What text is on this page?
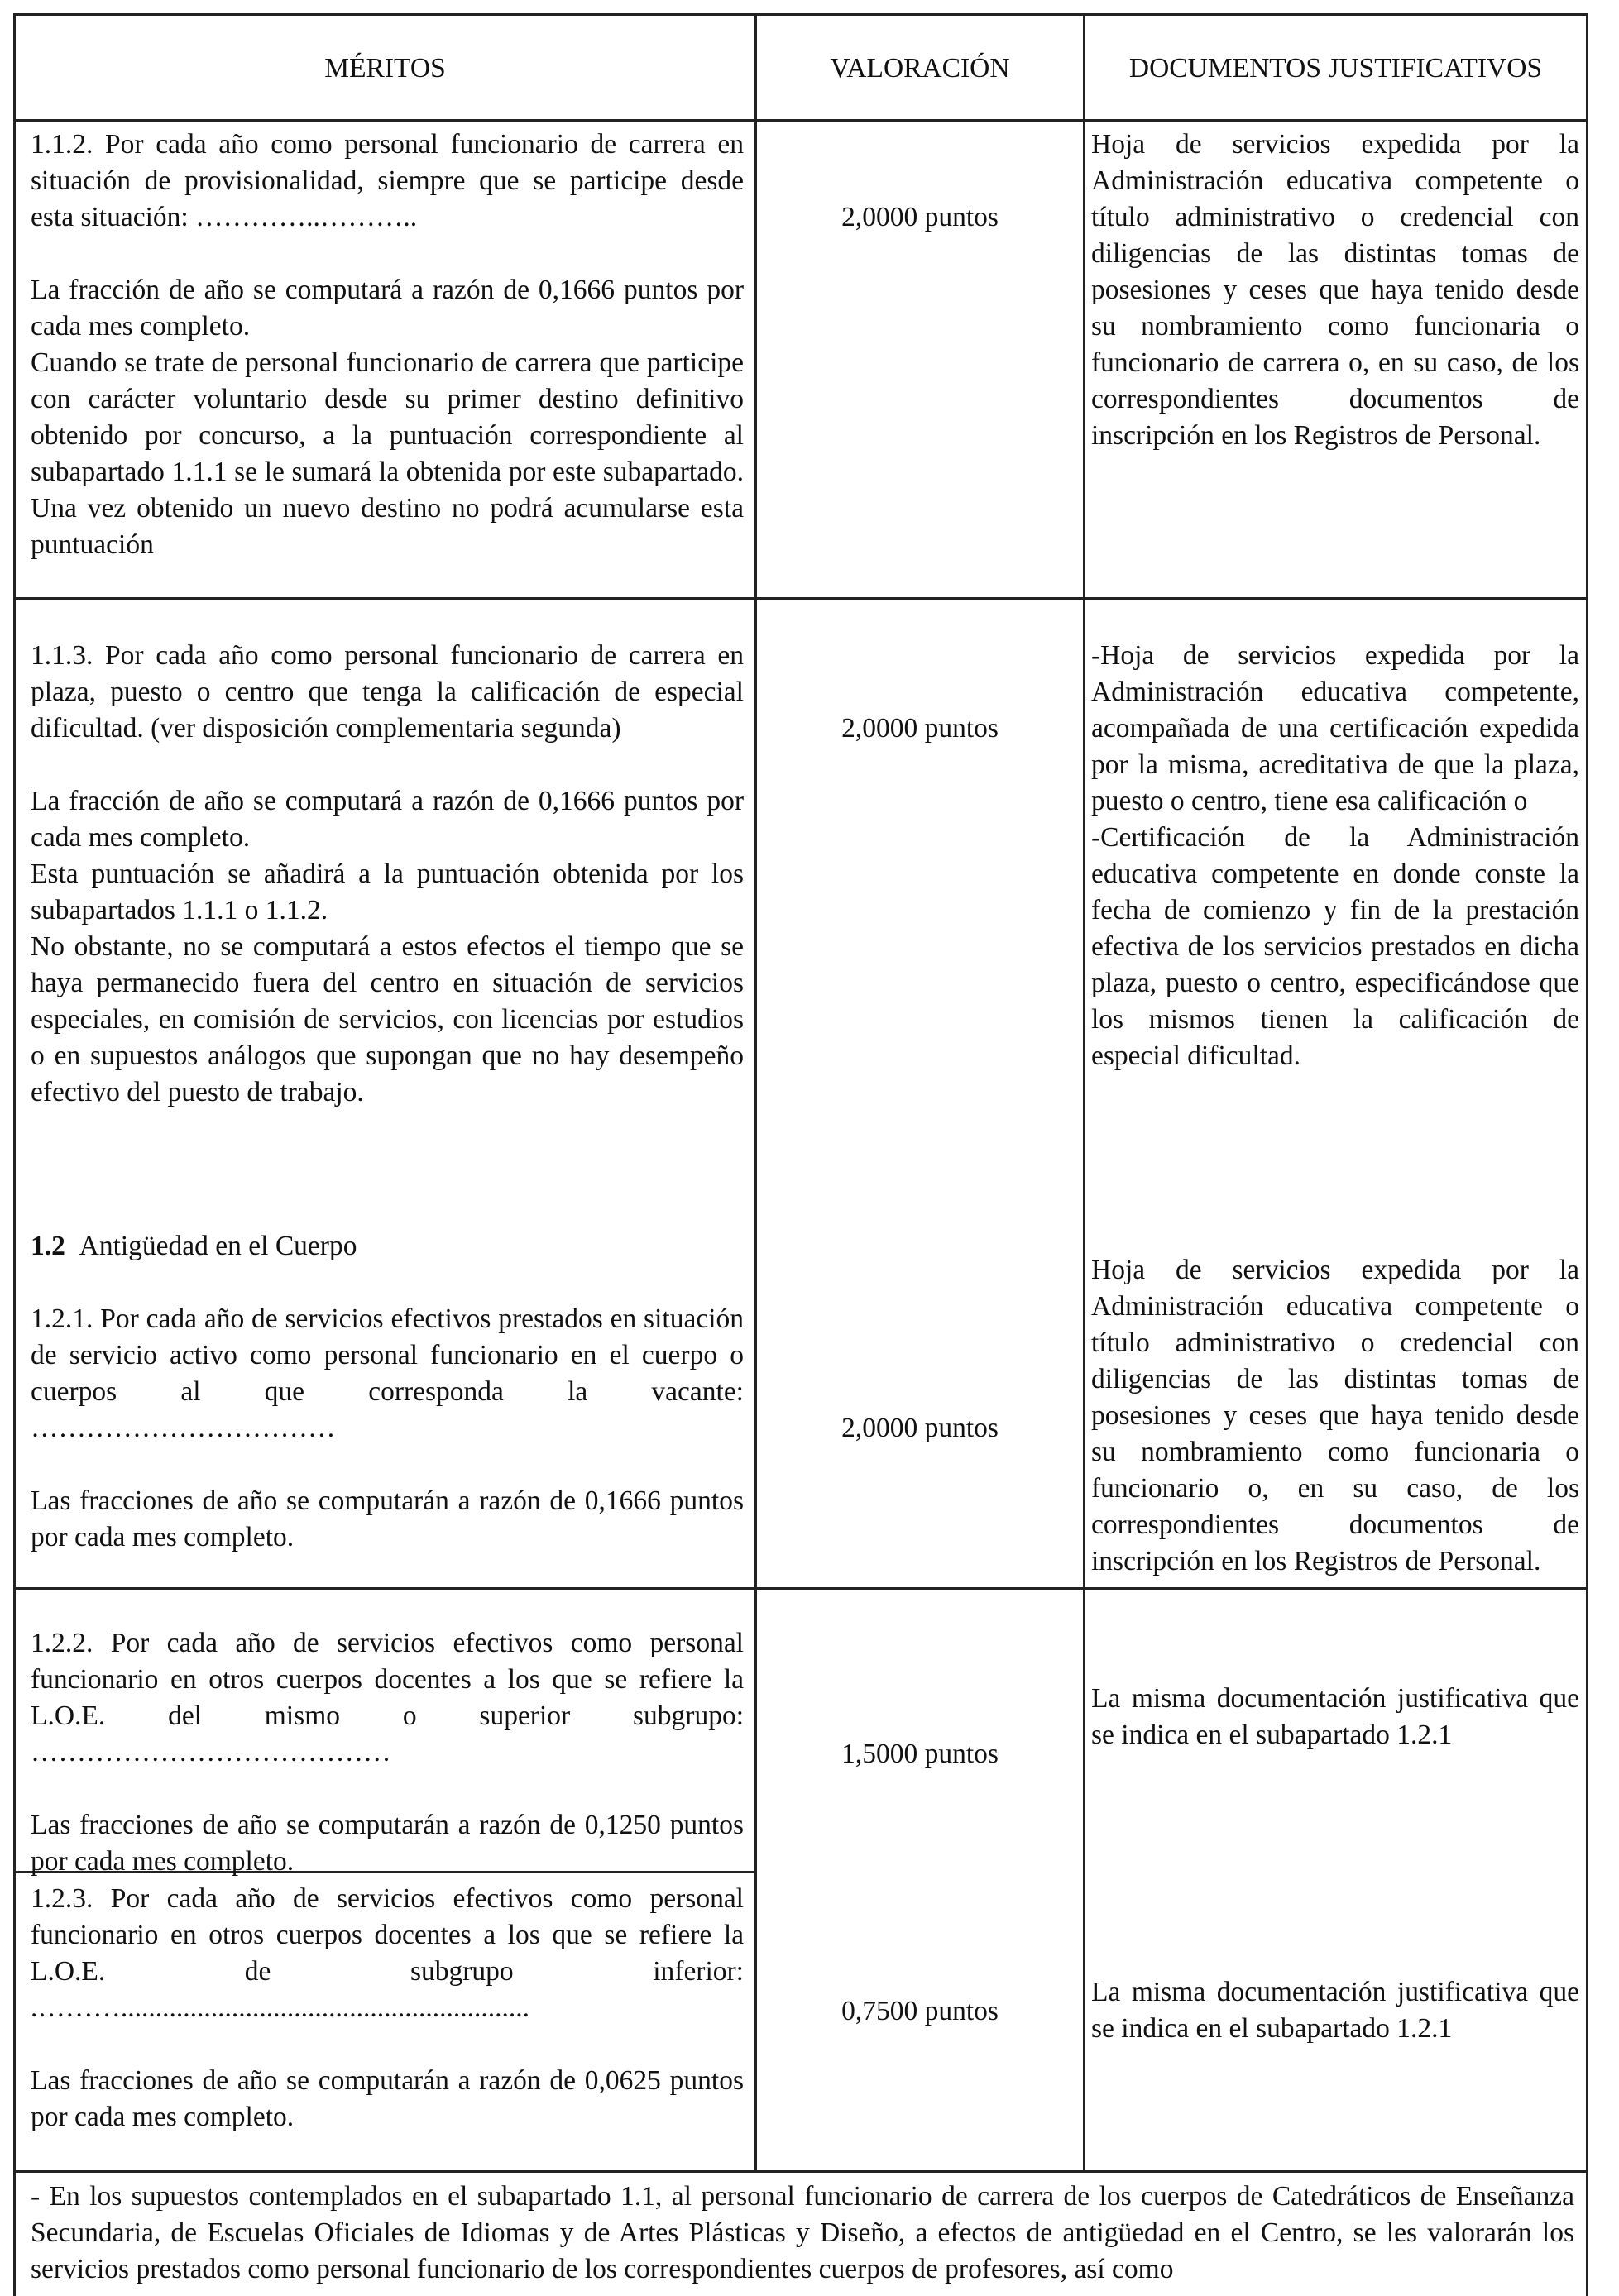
MÉRITOS	VALORACIÓN	DOCUMENTOS JUSTIFICATIVOS

1.1.2. Por cada año como personal funcionario de carrera en situación de provisionalidad, siempre que se participe desde esta situación: …………..………..

La fracción de año se computará a razón de 0,1666 puntos por cada mes completo.

Cuando se trate de personal funcionario de carrera que participe con carácter voluntario desde su primer destino definitivo obtenido por concurso, a la puntuación correspondiente al subapartado 1.1.1 se le sumará la obtenida por este subapartado. Una vez obtenido un nuevo destino no podrá acumularse esta puntuación

2,0000 puntos
Hoja de servicios expedida por la Administración educativa competente o título administrativo o credencial con diligencias de las distintas tomas de posesiones y ceses que haya tenido desde su nombramiento como funcionaria o funcionario de carrera o, en su caso, de los correspondientes documentos de inscripción en los Registros de Personal.

1.1.3. Por cada año como personal funcionario de carrera en plaza, puesto o centro que tenga la calificación de especial dificultad. (ver disposición complementaria segunda)

La fracción de año se computará a razón de 0,1666 puntos por cada mes completo.

Esta puntuación se añadirá a la puntuación obtenida por los subapartados 1.1.1 o 1.1.2.

No obstante, no se computará a estos efectos el tiempo que se haya permanecido fuera del centro en situación de servicios especiales, en comisión de servicios, con licencias por estudios o en supuestos análogos que supongan que no hay desempeño efectivo del puesto de trabajo.

2,0000 puntos

-Hoja de servicios expedida por la Administración educativa competente, acompañada de una certificación expedida por la misma, acreditativa de que la plaza, puesto o centro, tiene esa calificación o

-Certificación de la Administración educativa competente en donde conste la fecha de comienzo y fin de la prestación efectiva de los servicios prestados en dicha plaza, puesto o centro, especificándose que los mismos tienen la calificación de especial dificultad.

1.2 Antigüedad en el Cuerpo

1.2.1. Por cada año de servicios efectivos prestados en situación de servicio activo como personal funcionario en el cuerpo o cuerpos al que corresponda la vacante: ……………………………

Las fracciones de año se computarán a razón de 0,1666 puntos por cada mes completo.

2,0000 puntos
Hoja de servicios expedida por la Administración educativa competente o título administrativo o credencial con diligencias de las distintas tomas de posesiones y ceses que haya tenido desde su nombramiento como funcionaria o funcionario o, en su caso, de los correspondientes documentos de inscripción en los Registros de Personal.

1.2.2. Por cada año de servicios efectivos como personal funcionario en otros cuerpos docentes a los que se refiere la L.O.E. del mismo o superior subgrupo: …………………………………

Las fracciones de año se computarán a razón de 0,1250 puntos por cada mes completo.

1,5000 puntos
La misma documentación justificativa que se indica en el subapartado 1.2.1

1.2.3. Por cada año de servicios efectivos como personal funcionario en otros cuerpos docentes a los que se refiere la L.O.E. de subgrupo inferior: .………...........................................................

Las fracciones de año se computarán a razón de 0,0625 puntos por cada mes completo.

0,7500 puntos
La misma documentación justificativa que se indica en el subapartado 1.2.1
- En los supuestos contemplados en el subapartado 1.1, al personal funcionario de carrera de los cuerpos de Catedráticos de Enseñanza Secundaria, de Escuelas Oficiales de Idiomas y de Artes Plásticas y Diseño, a efectos de antigüedad en el Centro, se les valorarán los servicios prestados como personal funcionario de los correspondientes cuerpos de profesores, así como
